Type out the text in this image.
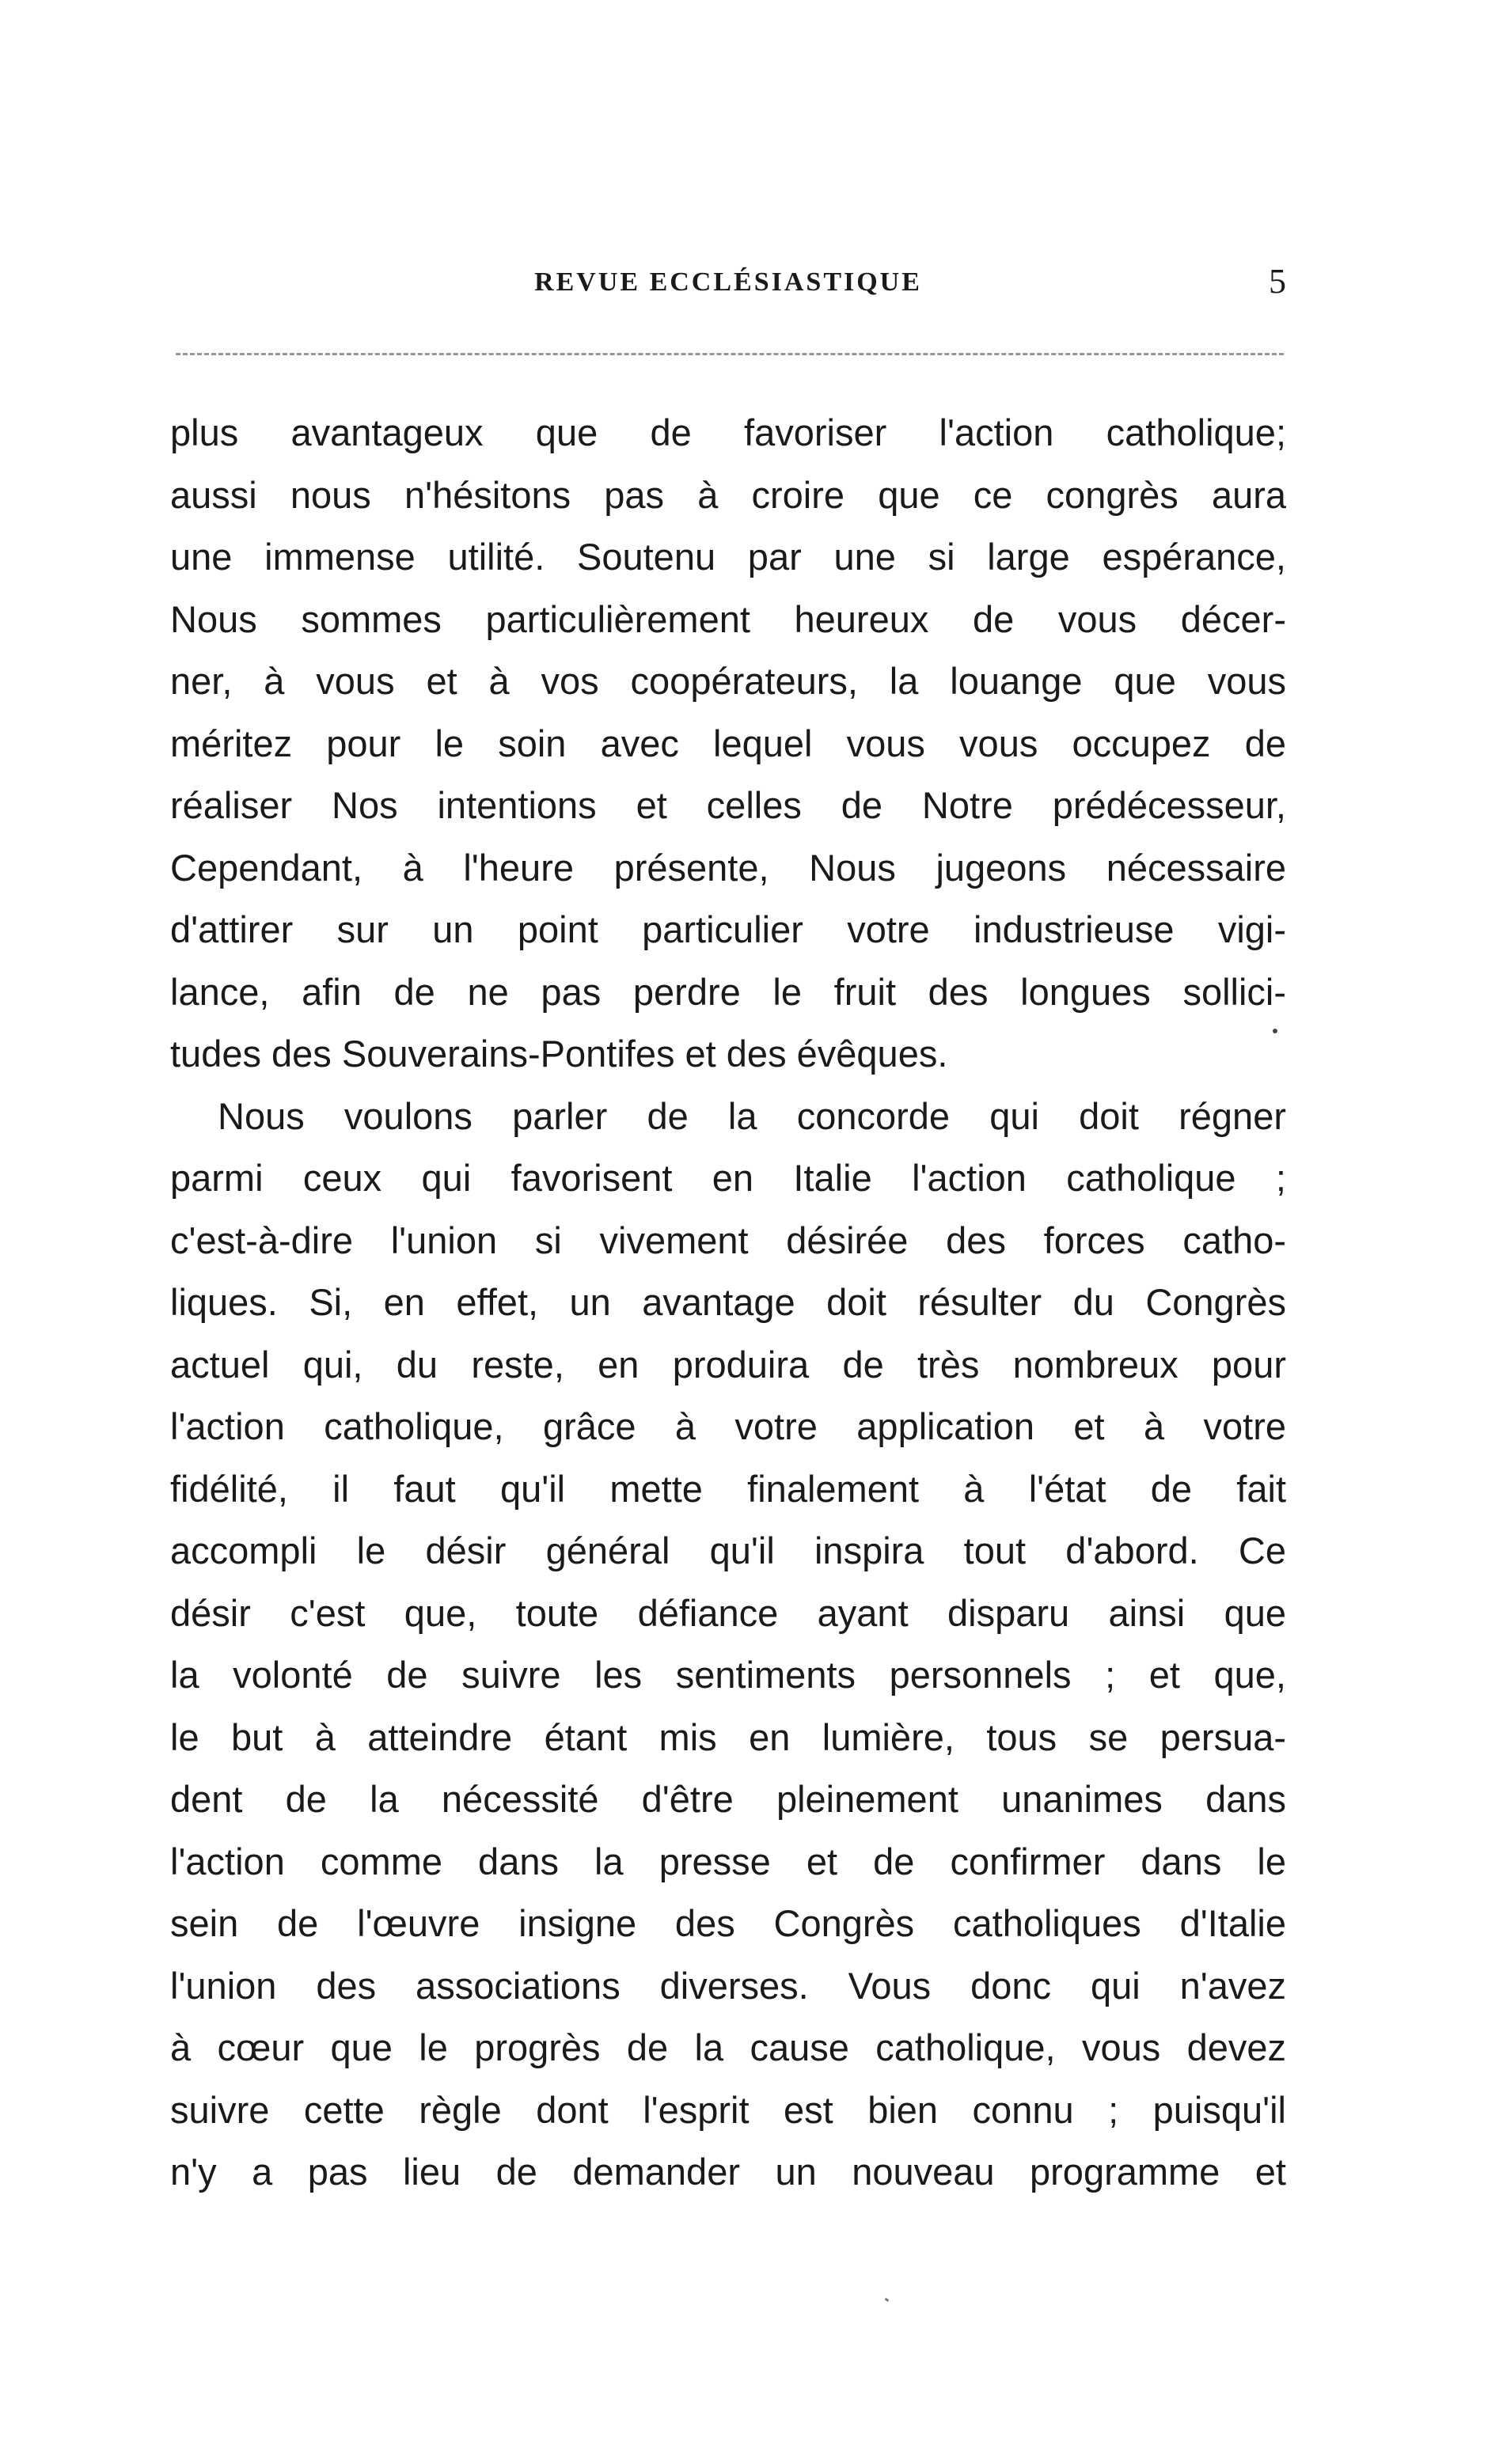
REVUE ECCLÉSIASTIQUE	5
plus avantageux que de favoriser l'action catholique;
aussi nous n'hésitons pas à croire que ce congrès aura
une immense utilité. Soutenu par une si large espérance,
Nous sommes particulièrement heureux de vous décer-
ner, à vous et à vos coopérateurs, la louange que vous
méritez pour le soin avec lequel vous vous occupez de
réaliser Nos intentions et celles de Notre prédécesseur,
Cependant, à l'heure présente, Nous jugeons nécessaire
d'attirer sur un point particulier votre industrieuse vigi-
lance, afin de ne pas perdre le fruit des longues sollici-
tudes des Souverains-Pontifes et des évêques.
Nous voulons parler de la concorde qui doit régner
parmi ceux qui favorisent en Italie l'action catholique ;
c'est-à-dire l'union si vivement désirée des forces catho-
liques. Si, en effet, un avantage doit résulter du Congrès
actuel qui, du reste, en produira de très nombreux pour
l'action catholique, grâce à votre application et à votre
fidélité, il faut qu'il mette finalement à l'état de fait
accompli le désir général qu'il inspira tout d'abord. Ce
désir c'est que, toute défiance ayant disparu ainsi que
la volonté de suivre les sentiments personnels ; et que,
le but à atteindre étant mis en lumière, tous se persua-
dent de la nécessité d'être pleinement unanimes dans
l'action comme dans la presse et de confirmer dans le
sein de l'œuvre insigne des Congrès catholiques d'Italie
l'union des associations diverses. Vous donc qui n'avez
à cœur que le progrès de la cause catholique, vous devez
suivre cette règle dont l'esprit est bien connu ; puisqu'il
n'y a pas lieu de demander un nouveau programme et
